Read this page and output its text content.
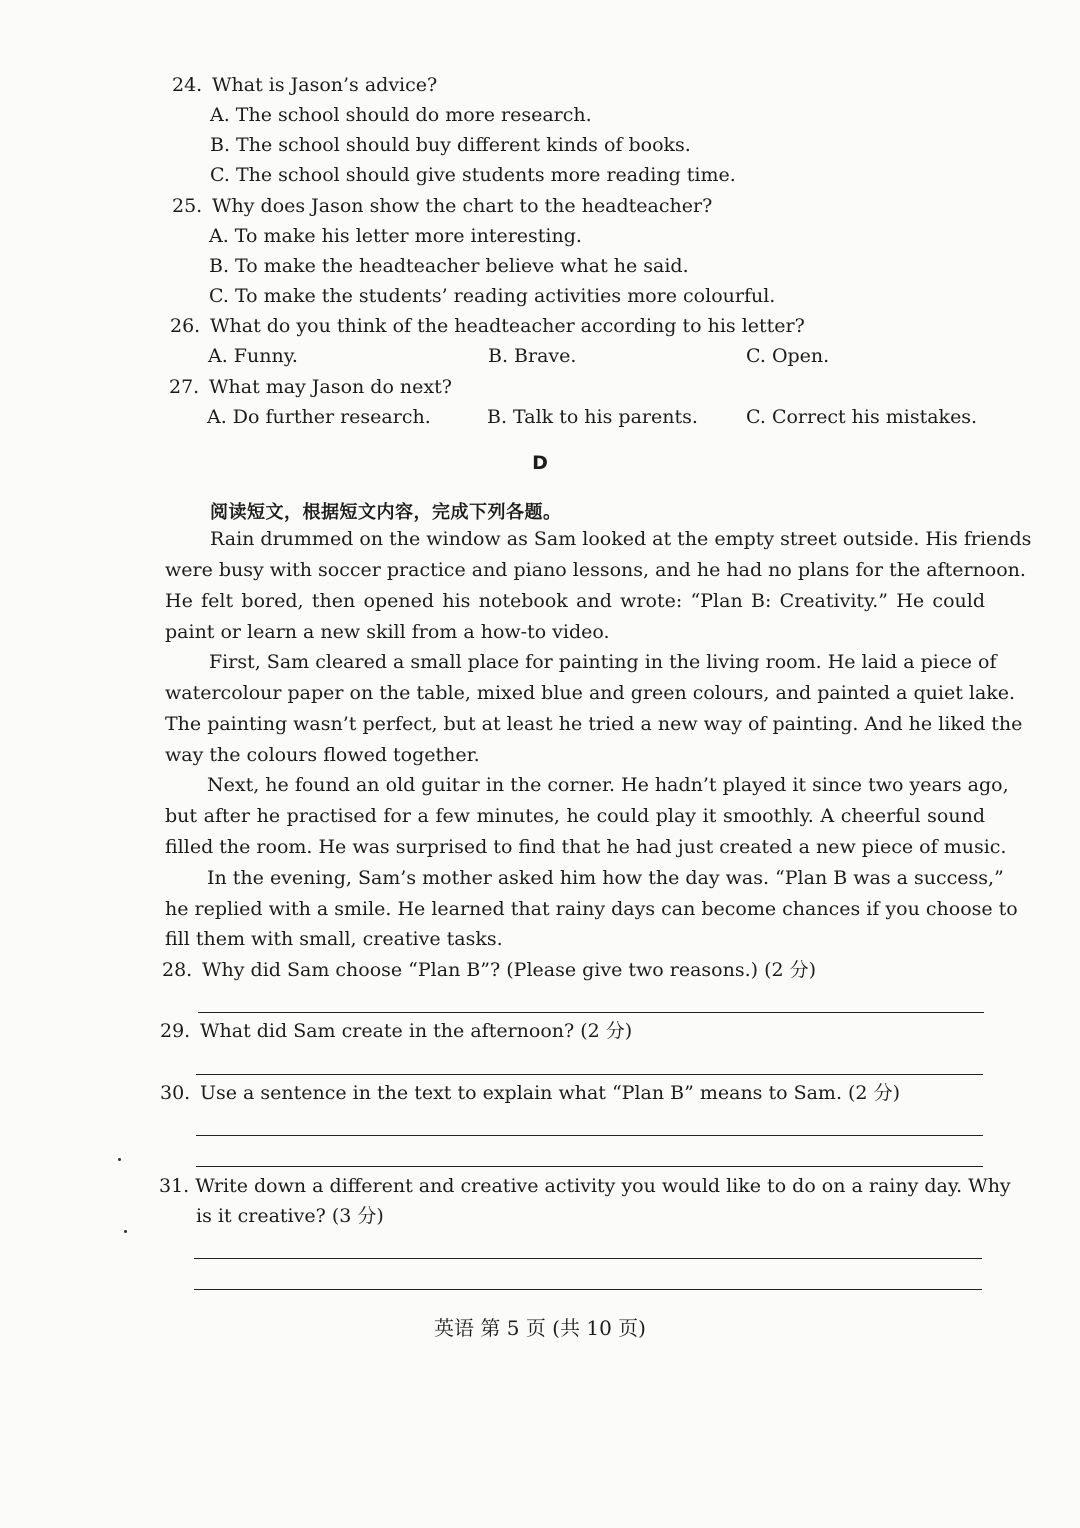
24. What is Jason’s advice?
A. The school should do more research.
B. The school should buy different kinds of books.
C. The school should give students more reading time.
25. Why does Jason show the chart to the headteacher?
A. To make his letter more interesting.
B. To make the headteacher believe what he said.
C. To make the students’ reading activities more colourful.
26. What do you think of the headteacher according to his letter?
A. Funny.	B. Brave.	C. Open.
27. What may Jason do next?
A. Do further research.	B. Talk to his parents.	C. Correct his mistakes.
D
阅读短文，根据短文内容，完成下列各题。
Rain drummed on the window as Sam looked at the empty street outside. His friends
were busy with soccer practice and piano lessons, and he had no plans for the afternoon.
He felt bored, then opened his notebook and wrote: “Plan B: Creativity.” He could
paint or learn a new skill from a how-to video.
First, Sam cleared a small place for painting in the living room. He laid a piece of
watercolour paper on the table, mixed blue and green colours, and painted a quiet lake.
The painting wasn’t perfect, but at least he tried a new way of painting. And he liked the
way the colours flowed together.
Next, he found an old guitar in the corner. He hadn’t played it since two years ago,
but after he practised for a few minutes, he could play it smoothly. A cheerful sound
filled the room. He was surprised to find that he had just created a new piece of music.
In the evening, Sam’s mother asked him how the day was. “Plan B was a success,”
he replied with a smile. He learned that rainy days can become chances if you choose to
fill them with small, creative tasks.
28. Why did Sam choose “Plan B”? (Please give two reasons.) (2 分)
29. What did Sam create in the afternoon? (2 分)
30. Use a sentence in the text to explain what “Plan B” means to Sam. (2 分)
31. Write down a different and creative activity you would like to do on a rainy day. Why
is it creative? (3 分)
英语 第 5 页 (共 10 页)
